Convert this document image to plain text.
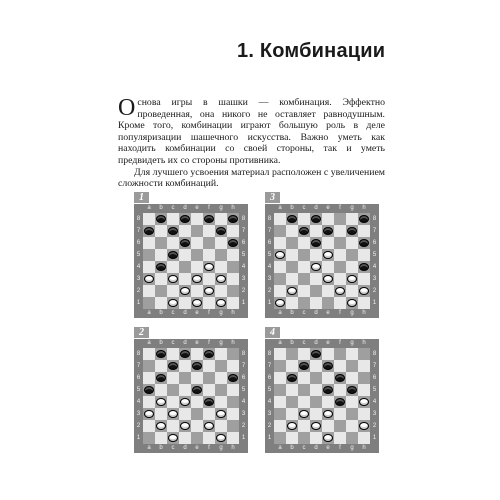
1. Комбинации

Основа игры в шашки — комбинация. Эффектно проведенная, она никого не оставляет равнодушным. Кроме того, комбинации играют большую роль в деле популяризации шашечного искусства. Важно уметь как находить комбинации со своей стороны, так и уметь предвидеть их со стороны противника.

Для лучшего усвоения материал расположен с увеличением сложности комбинаций.

1
a	b	c	d	e	f	g	h
a	b	c	d	e	f	g	h
8
7
6
5
4
3
2
1
8
7
6
5
4
3
2
1
3
a	b	c	d	e	f	g	h
a	b	c	d	e	f	g	h
8
7
6
5
4
3
2
1
8
7
6
5
4
3
2
1
2
a	b	c	d	e	f	g	h
a	b	c	d	e	f	g	h
8
7
6
5
4
3
2
1
8
7
6
5
4
3
2
1
4
a	b	c	d	e	f	g	h
a	b	c	d	e	f	g	h
8
7
6
5
4
3
2
1
8
7
6
5
4
3
2
1
